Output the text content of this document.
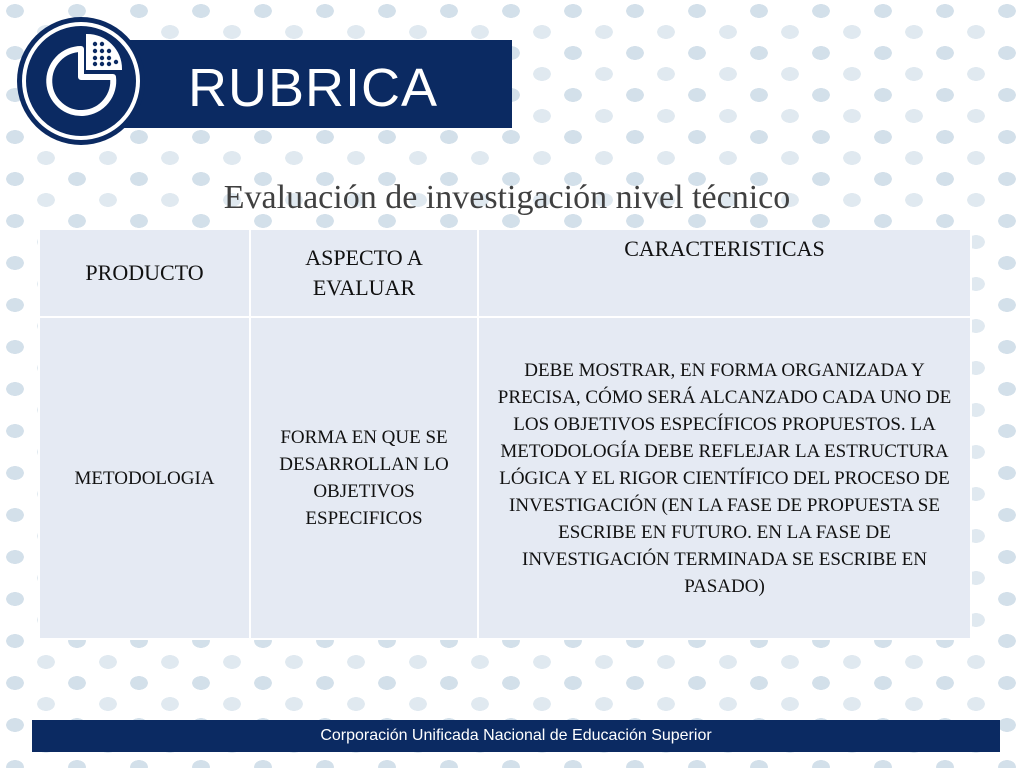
RUBRICA
Evaluación de investigación nivel técnico
PRODUCTO	ASPECTO A EVALUAR	CARACTERISTICAS
METODOLOGIA	FORMA EN QUE SE DESARROLLAN LO OBJETIVOS ESPECIFICOS	DEBE MOSTRAR, EN FORMA ORGANIZADA Y PRECISA, CÓMO SERÁ ALCANZADO CADA UNO DE LOS OBJETIVOS ESPECÍFICOS PROPUESTOS. LA METODOLOGÍA DEBE REFLEJAR LA ESTRUCTURA LÓGICA Y EL RIGOR CIENTÍFICO DEL PROCESO DE INVESTIGACIÓN (EN LA FASE DE PROPUESTA SE ESCRIBE EN FUTURO. EN LA FASE DE INVESTIGACIÓN TERMINADA SE ESCRIBE EN PASADO)
Corporación Unificada Nacional de Educación Superior
